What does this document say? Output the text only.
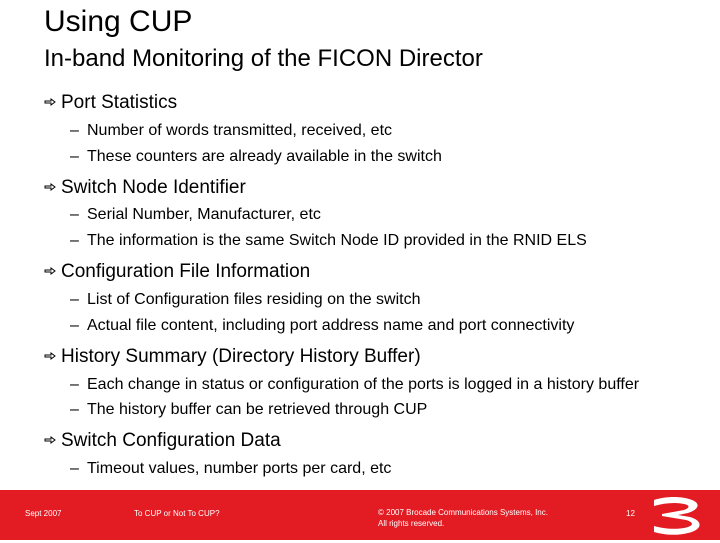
Using CUP
In-band Monitoring of the FICON Director
Port Statistics
– Number of words transmitted, received, etc
– These counters are already available in the switch
Switch Node Identifier
– Serial Number, Manufacturer, etc
– The information is the same Switch Node ID provided in the RNID ELS
Configuration File Information
– List of Configuration files residing on the switch
– Actual file content, including port address name and port connectivity
History Summary (Directory History Buffer)
– Each change in status or configuration of the ports is logged in a history buffer
– The history buffer can be retrieved through CUP
Switch Configuration Data
– Timeout values, number ports per card, etc
Sept 2007	To CUP or Not To CUP?	© 2007 Brocade Communications Systems, Inc.
All rights reserved.
12
